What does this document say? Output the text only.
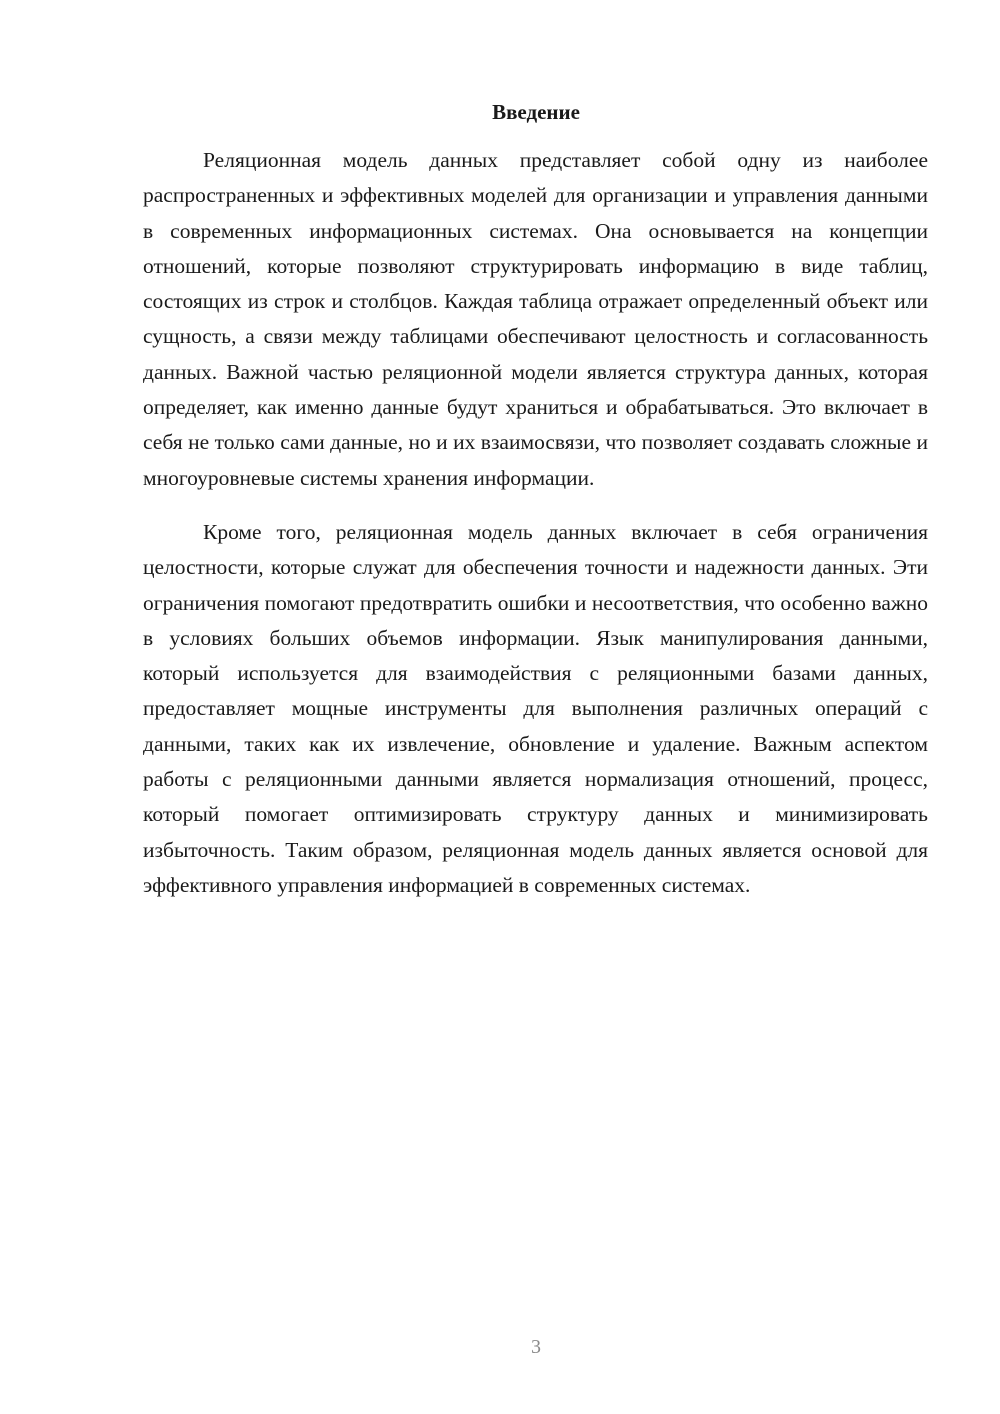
Введение

Реляционная модель данных представляет собой одну из наиболее распространенных и эффективных моделей для организации и управления данными в современных информационных системах. Она основывается на концепции отношений, которые позволяют структурировать информацию в виде таблиц, состоящих из строк и столбцов. Каждая таблица отражает определенный объект или сущность, а связи между таблицами обеспечивают целостность и согласованность данных. Важной частью реляционной модели является структура данных, которая определяет, как именно данные будут храниться и обрабатываться. Это включает в себя не только сами данные, но и их взаимосвязи, что позволяет создавать сложные и многоуровневые системы хранения информации.

Кроме того, реляционная модель данных включает в себя ограничения целостности, которые служат для обеспечения точности и надежности данных. Эти ограничения помогают предотвратить ошибки и несоответствия, что особенно важно в условиях больших объемов информации. Язык манипулирования данными, который используется для взаимодействия с реляционными базами данных, предоставляет мощные инструменты для выполнения различных операций с данными, таких как их извлечение, обновление и удаление. Важным аспектом работы с реляционными данными является нормализация отношений, процесс, который помогает оптимизировать структуру данных и минимизировать избыточность. Таким образом, реляционная модель данных является основой для эффективного управления информацией в современных системах.

3
